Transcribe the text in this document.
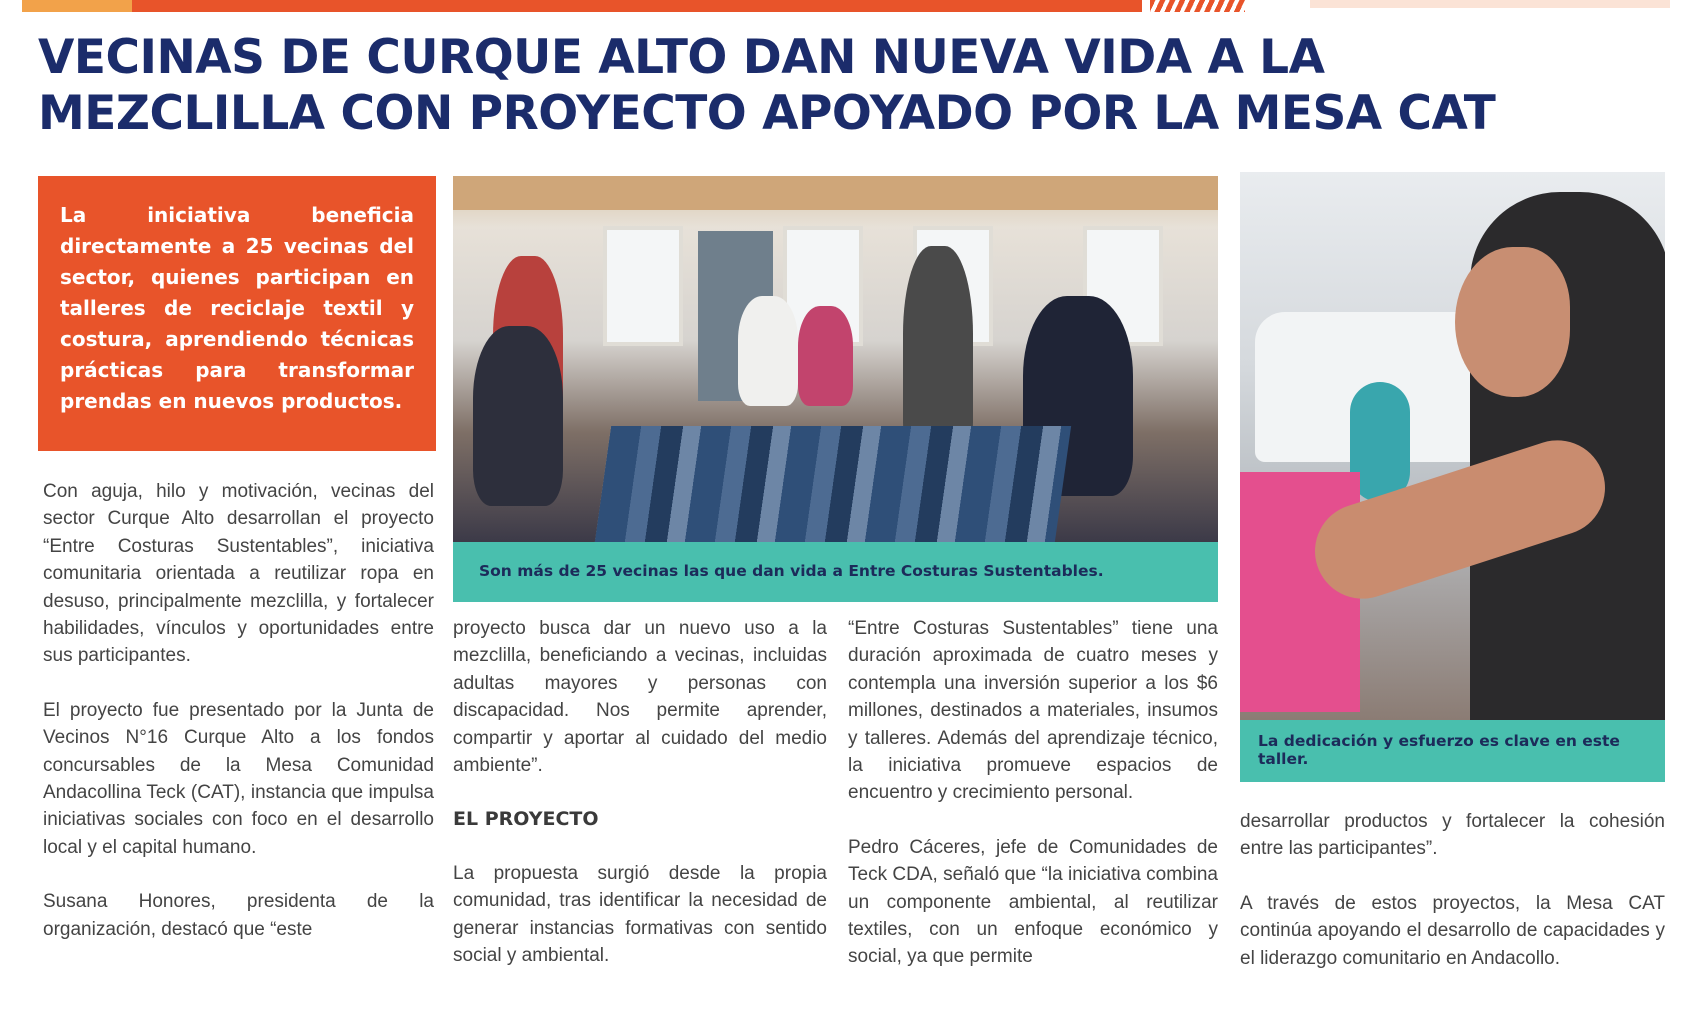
VECINAS DE CURQUE ALTO DAN NUEVA VIDA A LA
MEZCLILLA CON PROYECTO APOYADO POR LA MESA CAT

La iniciativa beneficia directamente a 25 vecinas del sector, quienes participan en talleres de reciclaje textil y costura, aprendiendo técnicas prácticas para transformar prendas en nuevos productos.

Son más de 25 vecinas las que dan vida a Entre Costuras Sustentables.
La dedicación y esfuerzo es clave en este taller.

Con aguja, hilo y motivación, vecinas del sector Curque Alto desarrollan el proyecto “Entre Costuras Sustentables”, iniciativa comunitaria orientada a reutilizar ropa en desuso, principalmente mezclilla, y fortalecer habilidades, vínculos y oportunidades entre sus participantes.

El proyecto fue presentado por la Junta de Vecinos N°16 Curque Alto a los fondos concursables de la Mesa Comunidad Andacollina Teck (CAT), instancia que impulsa iniciativas sociales con foco en el desarrollo local y el capital humano.

Susana Honores, presidenta de la organización, destacó que “este

proyecto busca dar un nuevo uso a la mezclilla, beneficiando a vecinas, incluidas adultas mayores y personas con discapacidad. Nos permite aprender, compartir y aportar al cuidado del medio ambiente”.

EL PROYECTO

La propuesta surgió desde la propia comunidad, tras identificar la necesidad de generar instancias formativas con sentido social y ambiental.

“Entre Costuras Sustentables” tiene una duración aproximada de cuatro meses y contempla una inversión superior a los $6 millones, destinados a materiales, insumos y talleres. Además del aprendizaje técnico, la iniciativa promueve espacios de encuentro y crecimiento personal.

Pedro Cáceres, jefe de Comunidades de Teck CDA, señaló que “la iniciativa combina un componente ambiental, al reutilizar textiles, con un enfoque económico y social, ya que permite

desarrollar productos y fortalecer la cohesión entre las participantes”.

A través de estos proyectos, la Mesa CAT continúa apoyando el desarrollo de capacidades y el liderazgo comunitario en Andacollo.
